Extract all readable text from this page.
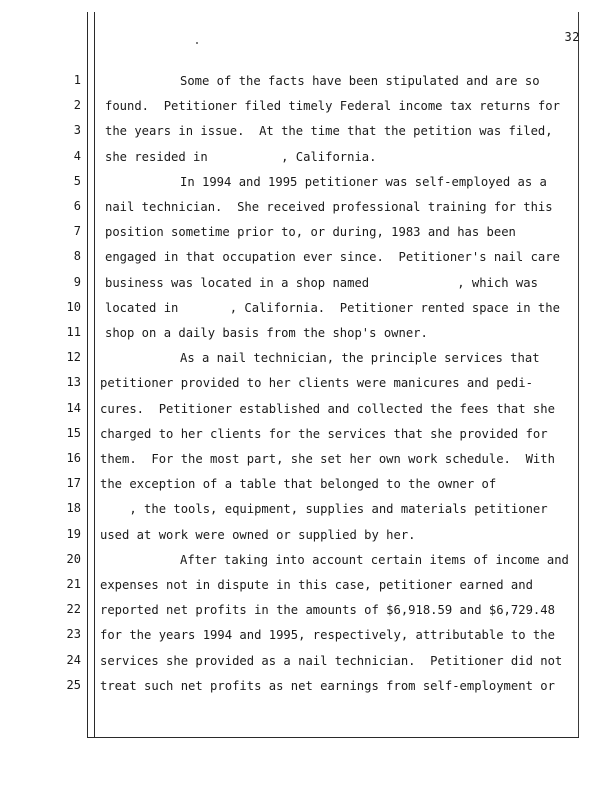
32
1	Some of the facts have been stipulated and are so
2 found.  Petitioner filed timely Federal income tax returns for
3 the years in issue.  At the time that the petition was filed,
4 she resided in          , California.
5	In 1994 and 1995 petitioner was self-employed as a
6 nail technician.  She received professional training for this
7 position sometime prior to, or during, 1983 and has been
8 engaged in that occupation ever since.  Petitioner's nail care
9 business was located in a shop named            , which was
10 located in       , California.  Petitioner rented space in the
11 shop on a daily basis from the shop's owner.
12	As a nail technician, the principle services that
13 petitioner provided to her clients were manicures and pedi-
14 cures.  Petitioner established and collected the fees that she
15 charged to her clients for the services that she provided for
16 them.  For the most part, she set her own work schedule.  With
17 the exception of a table that belonged to the owner of
18 , the tools, equipment, supplies and materials petitioner
19 used at work were owned or supplied by her.
20	After taking into account certain items of income and
21 expenses not in dispute in this case, petitioner earned and
22 reported net profits in the amounts of $6,918.59 and $6,729.48
23 for the years 1994 and 1995, respectively, attributable to the
24 services she provided as a nail technician.  Petitioner did not
25 treat such net profits as net earnings from self-employment or
